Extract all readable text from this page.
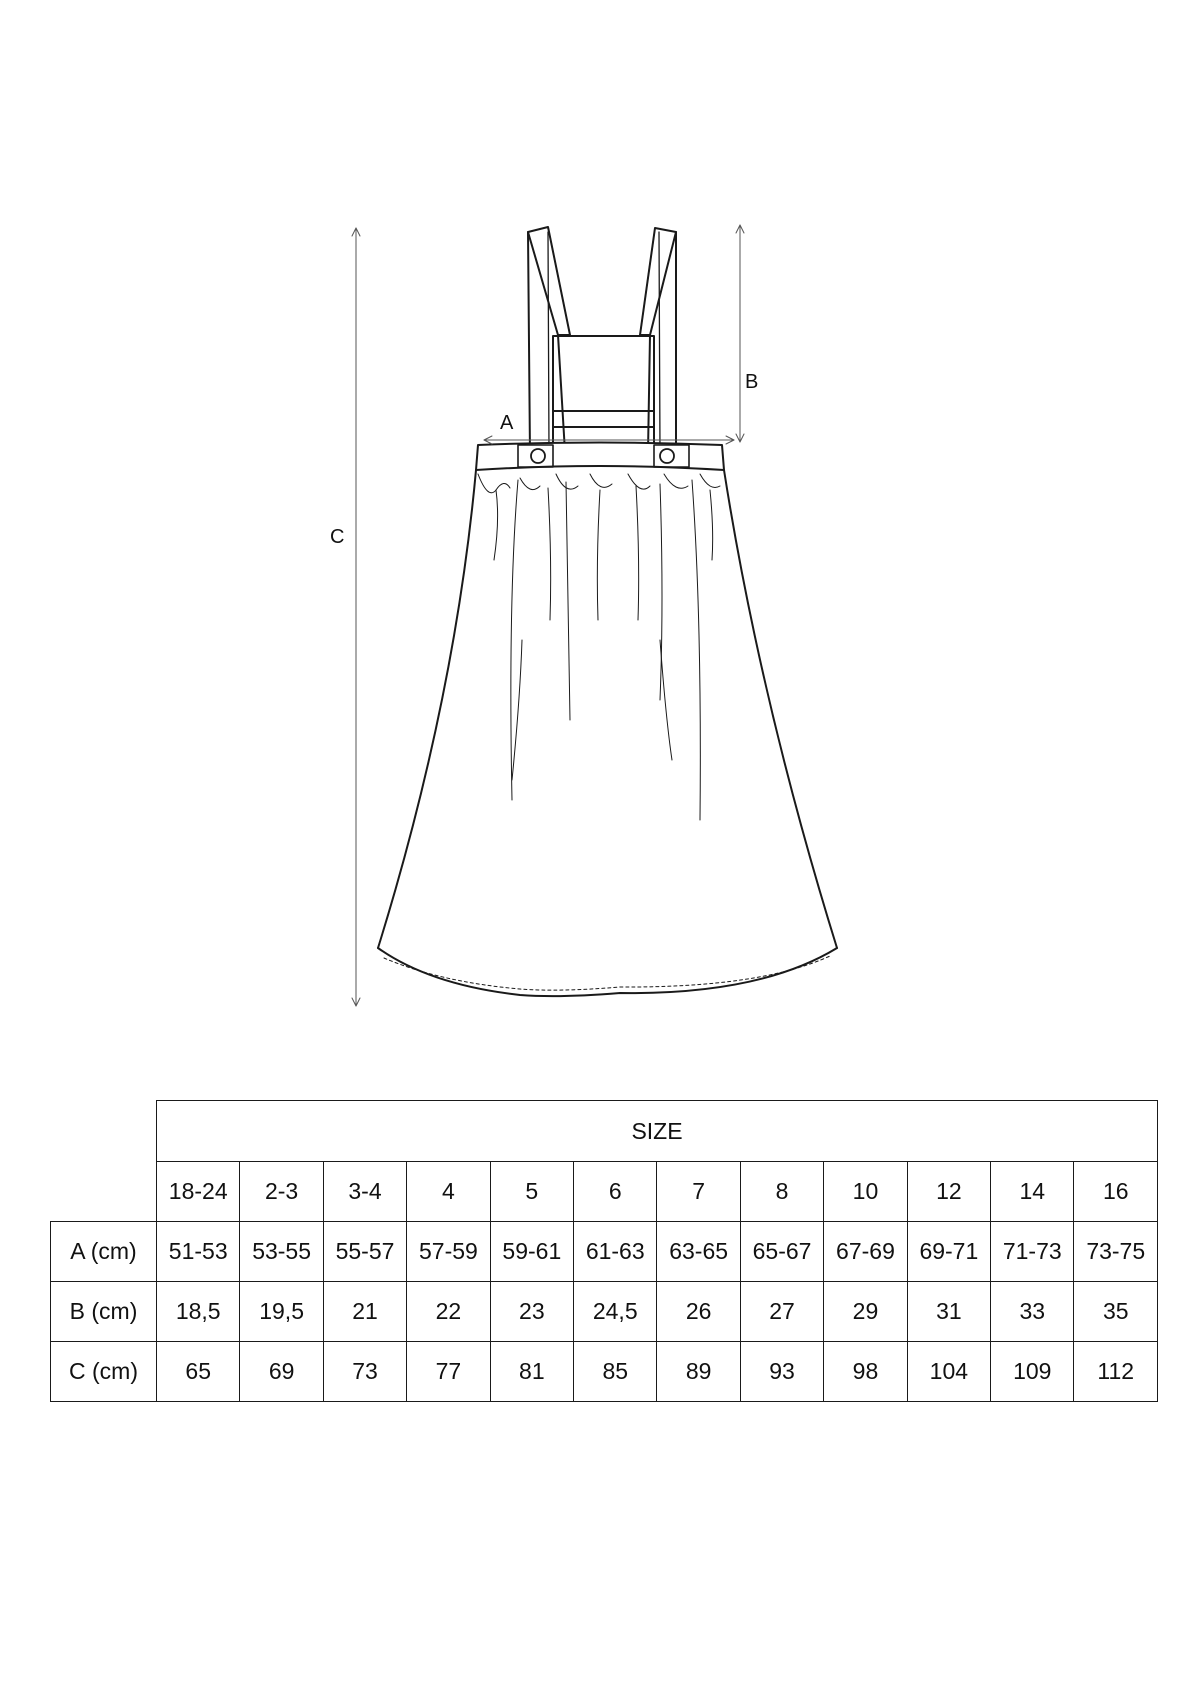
A
B
C
	SIZE											
	18-24	2-3	3-4	4	5	6	7	8	10	12	14	16
A (cm)	51-53	53-55	55-57	57-59	59-61	61-63	63-65	65-67	67-69	69-71	71-73	73-75
B (cm)	18,5	19,5	21	22	23	24,5	26	27	29	31	33	35
C (cm)	65	69	73	77	81	85	89	93	98	104	109	112
